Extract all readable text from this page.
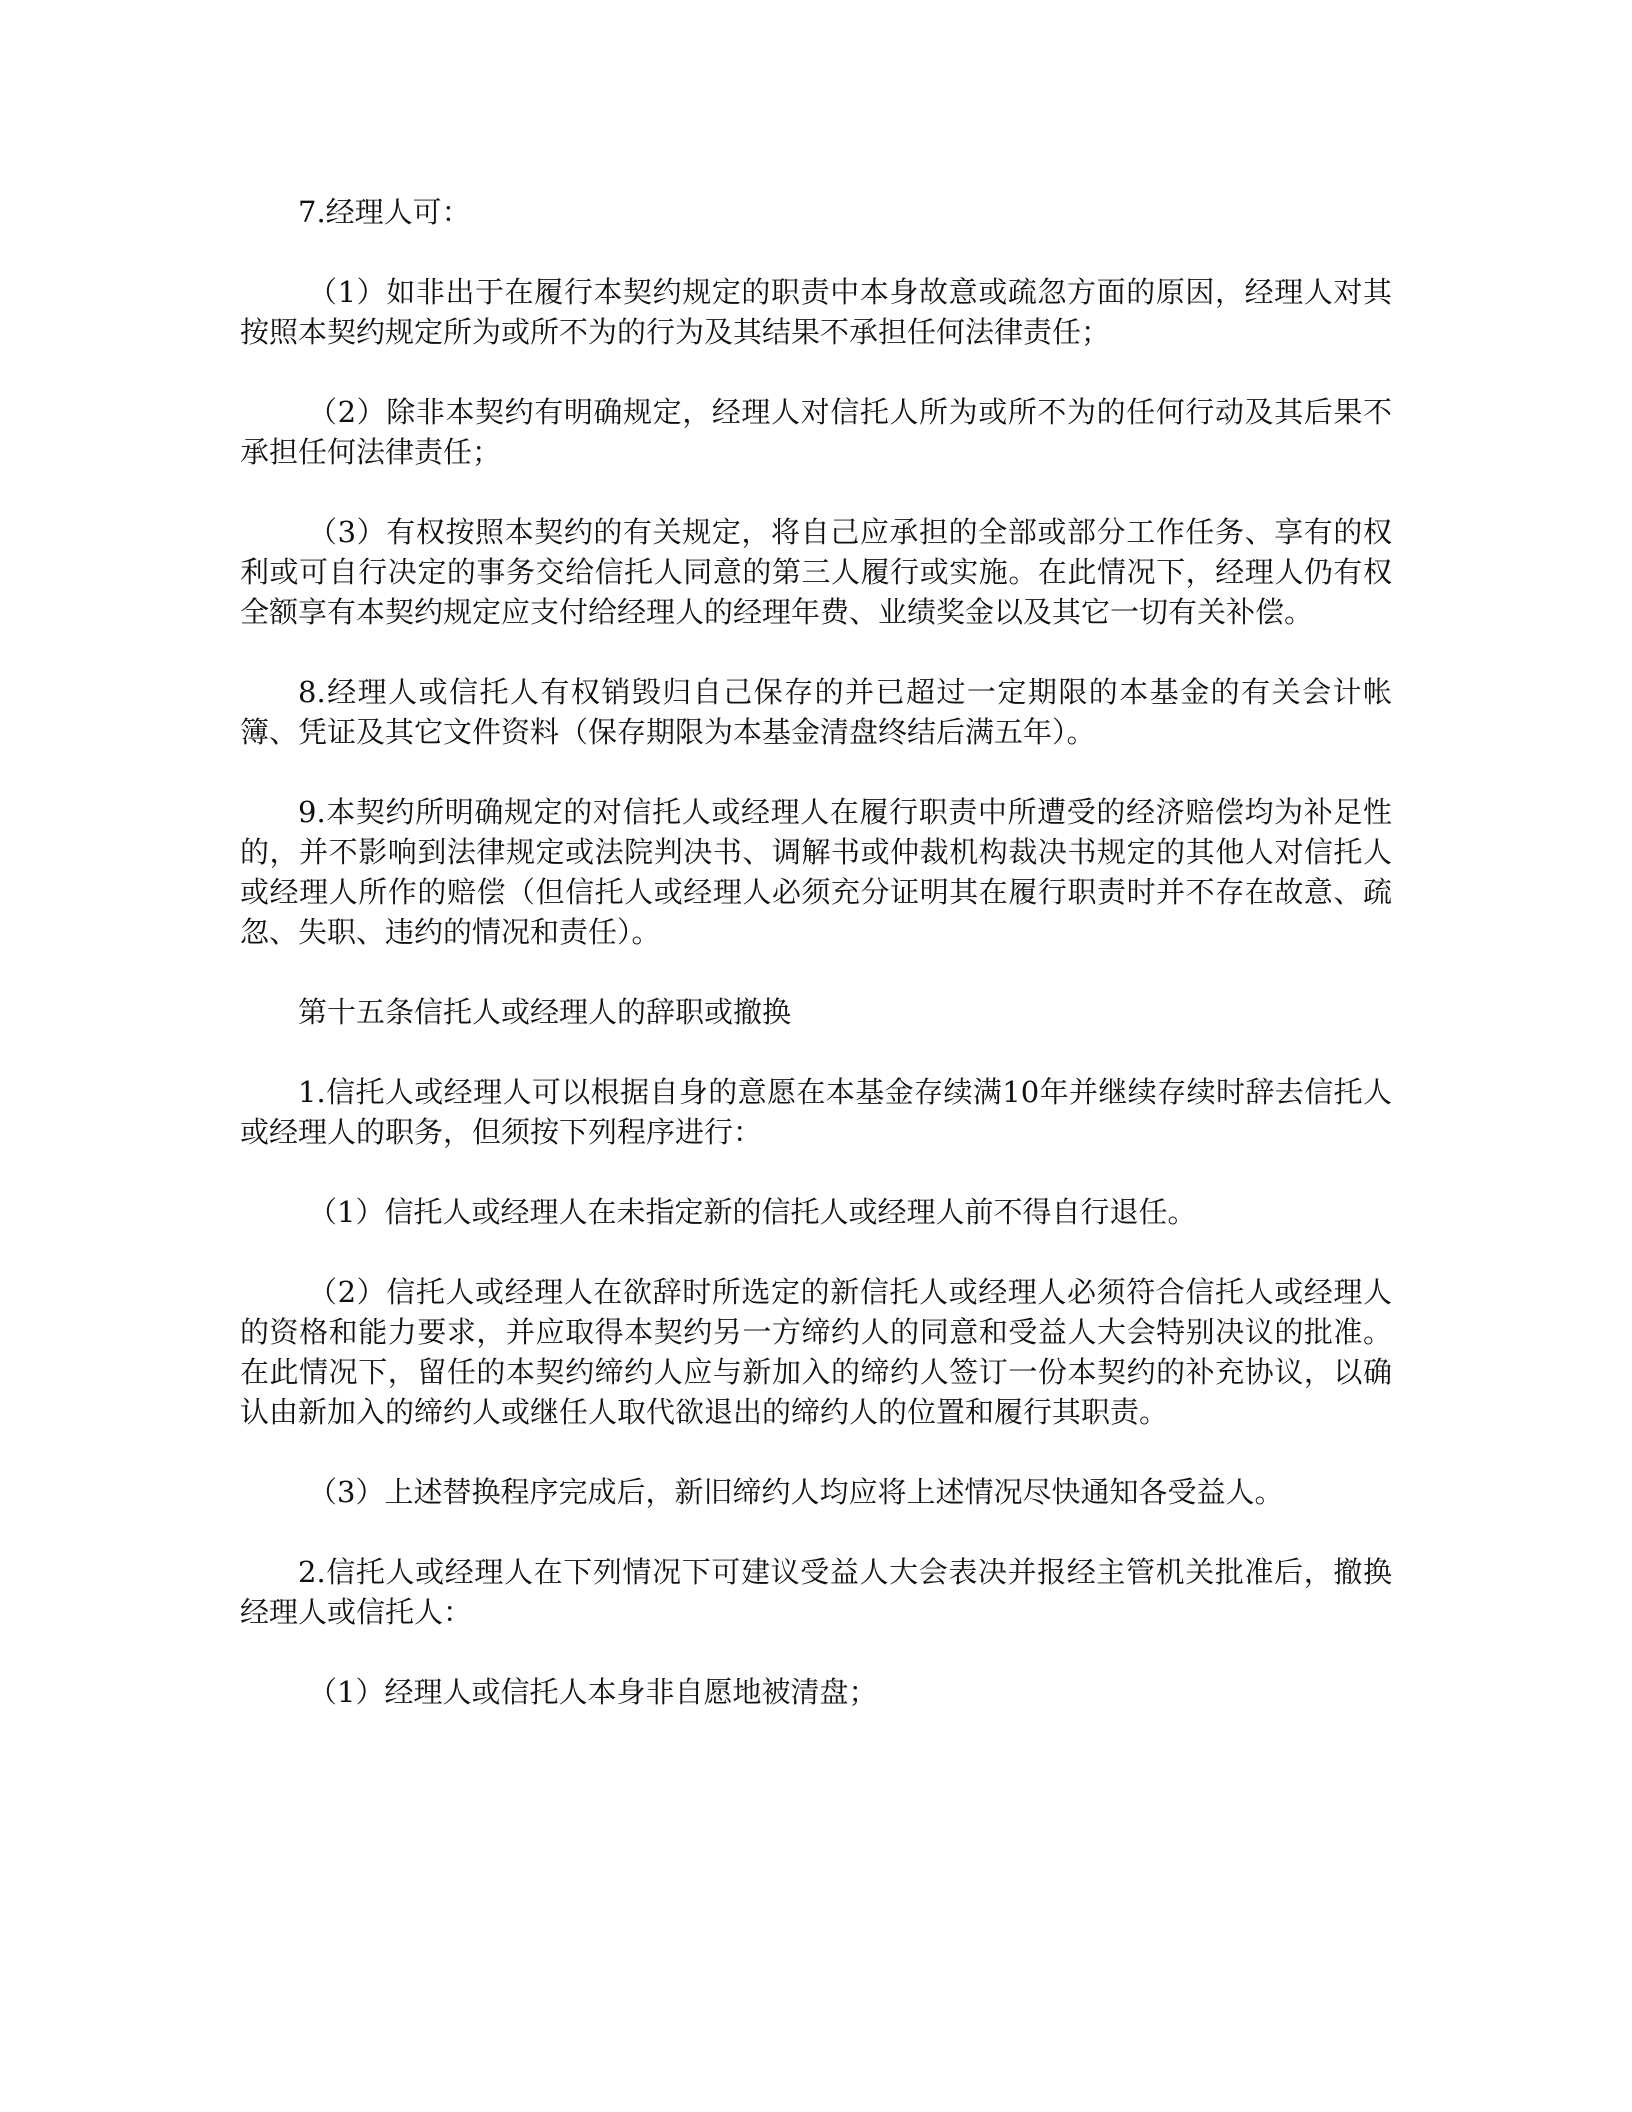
7.经理人可：

（1）如非出于在履行本契约规定的职责中本身故意或疏忽方面的原因，经理人对其按照本契约规定所为或所不为的行为及其结果不承担任何法律责任；

（2）除非本契约有明确规定，经理人对信托人所为或所不为的任何行动及其后果不承担任何法律责任；

（3）有权按照本契约的有关规定，将自己应承担的全部或部分工作任务、享有的权利或可自行决定的事务交给信托人同意的第三人履行或实施。在此情况下，经理人仍有权全额享有本契约规定应支付给经理人的经理年费、业绩奖金以及其它一切有关补偿。

8.经理人或信托人有权销毁归自己保存的并已超过一定期限的本基金的有关会计帐簿、凭证及其它文件资料（保存期限为本基金清盘终结后满五年）。

9.本契约所明确规定的对信托人或经理人在履行职责中所遭受的经济赔偿均为补足性的，并不影响到法律规定或法院判决书、调解书或仲裁机构裁决书规定的其他人对信托人或经理人所作的赔偿（但信托人或经理人必须充分证明其在履行职责时并不存在故意、疏忽、失职、违约的情况和责任）。

第十五条信托人或经理人的辞职或撤换

1.信托人或经理人可以根据自身的意愿在本基金存续满10年并继续存续时辞去信托人或经理人的职务，但须按下列程序进行：

（1）信托人或经理人在未指定新的信托人或经理人前不得自行退任。

（2）信托人或经理人在欲辞时所选定的新信托人或经理人必须符合信托人或经理人的资格和能力要求，并应取得本契约另一方缔约人的同意和受益人大会特别决议的批准。在此情况下，留任的本契约缔约人应与新加入的缔约人签订一份本契约的补充协议，以确认由新加入的缔约人或继任人取代欲退出的缔约人的位置和履行其职责。

（3）上述替换程序完成后，新旧缔约人均应将上述情况尽快通知各受益人。

2.信托人或经理人在下列情况下可建议受益人大会表决并报经主管机关批准后，撤换经理人或信托人：

（1）经理人或信托人本身非自愿地被清盘；
